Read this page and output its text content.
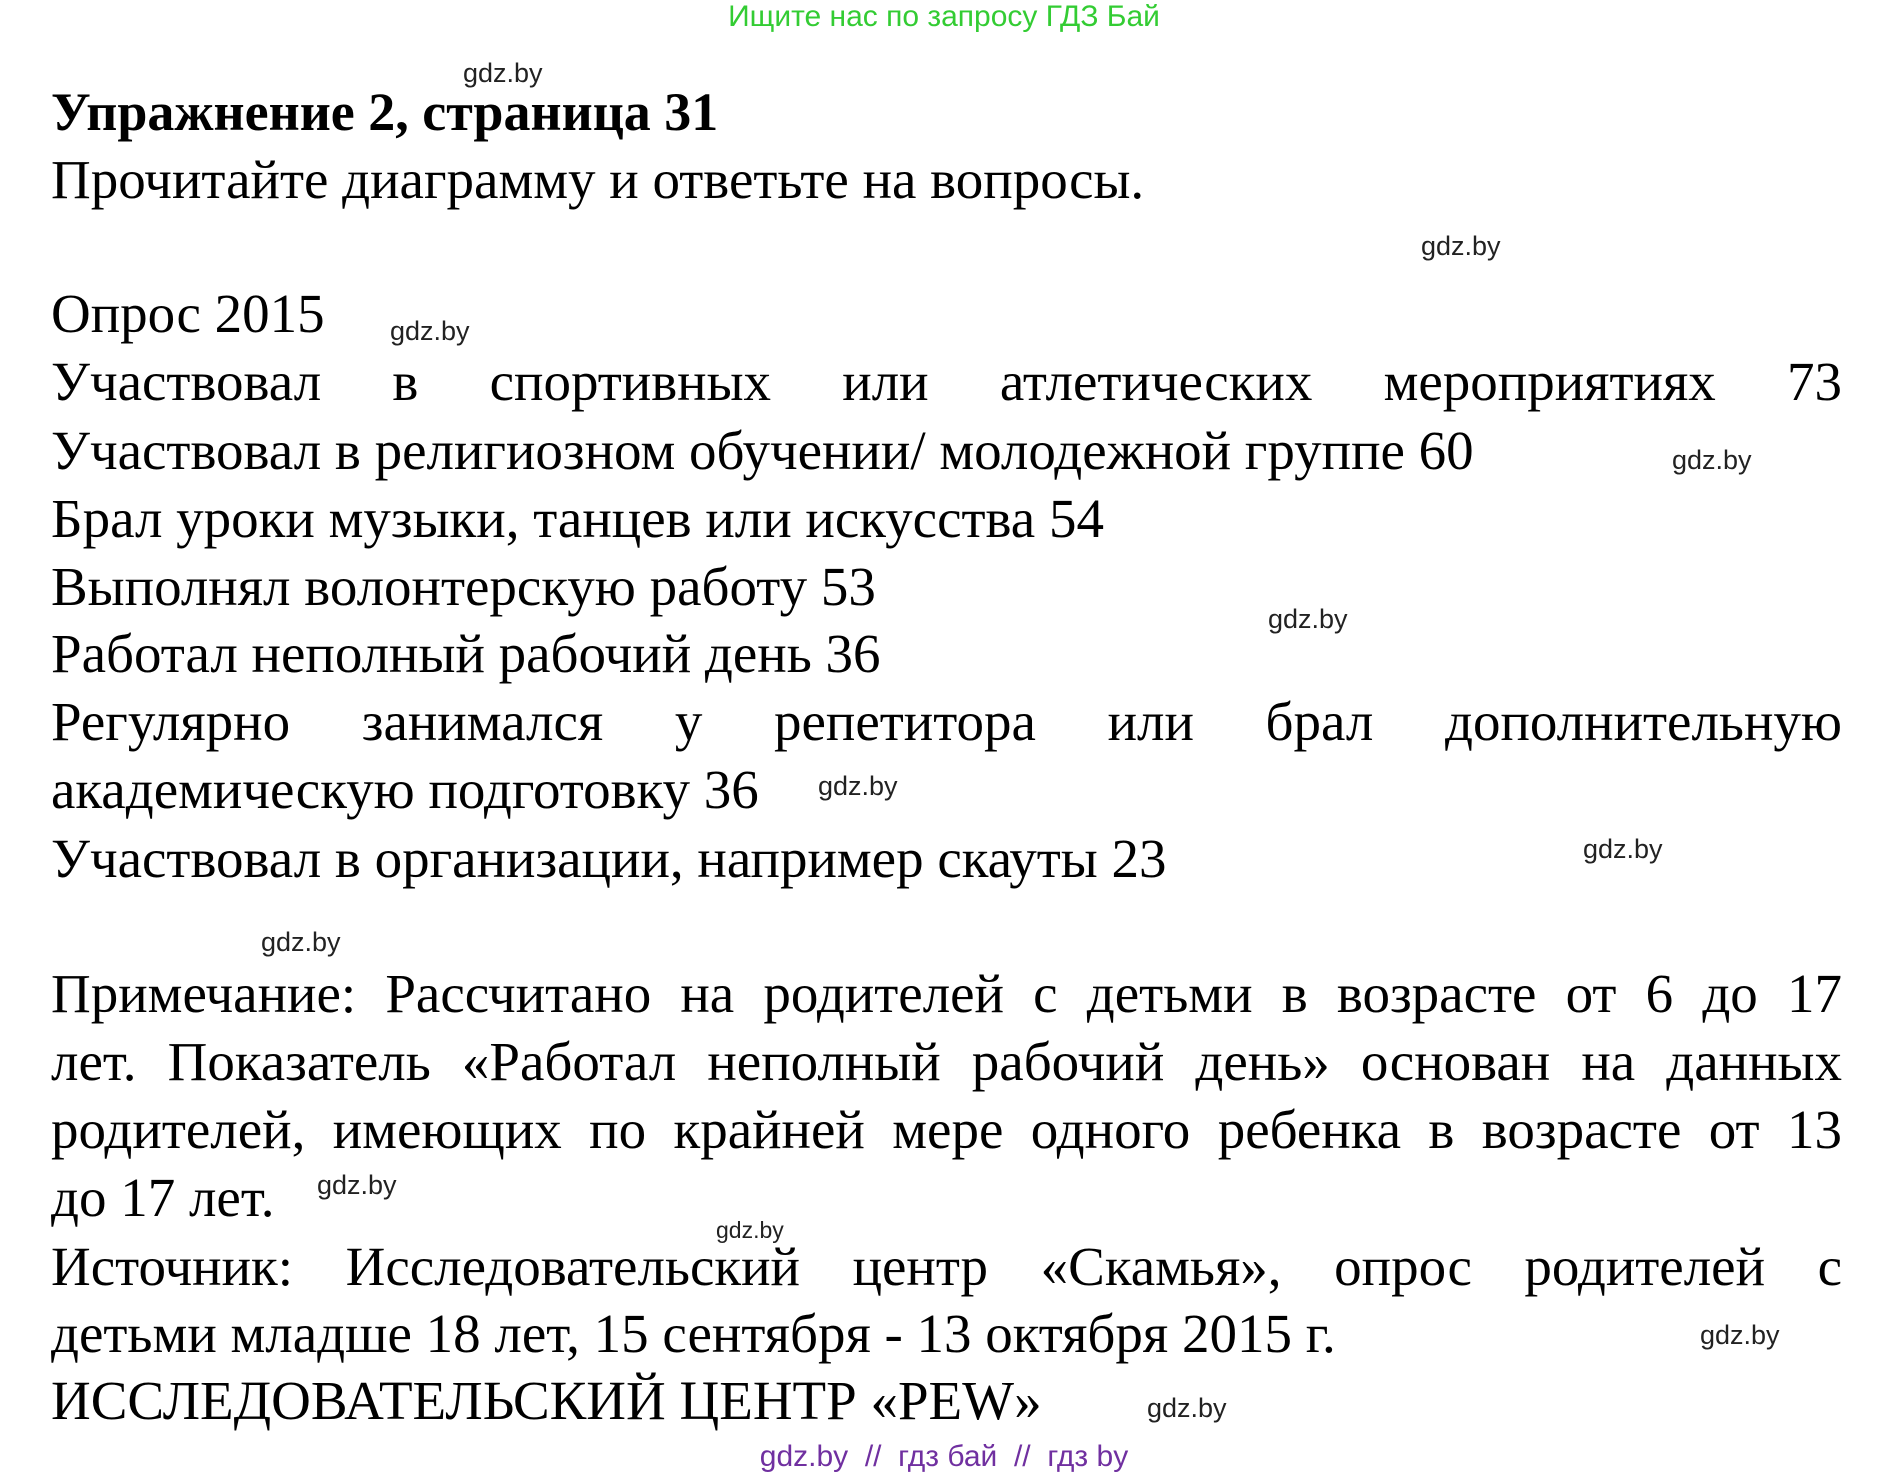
Ищите нас по запросу ГДЗ Бай
gdz.by
Упражнение 2, страница 31
Прочитайте диаграмму и ответьте на вопросы.
gdz.by
Опрос 2015 gdz.by
Участвовал в спортивных или атлетических мероприятиях 73
Участвовал в религиозном обучении/ молодежной группе 60	gdz.by
Брал уроки музыки, танцев или искусства 54
Выполнял волонтерскую работу 53
gdz.by
Работал неполный рабочий день 36
Регулярно занимался у репетитора или брал дополнительную
академическую подготовку 36 gdz.by
Участвовал в организации, например скауты 23	gdz.by
gdz.by
Примечание: Рассчитано на родителей с детьми в возрасте от 6 до 17
лет. Показатель «Работал неполный рабочий день» основан на данных
родителей, имеющих по крайней мере одного ребенка в возрасте от 13
до 17 лет. gdz.by
gdz.by
Источник: Исследовательский центр «Скамья», опрос родителей с
детьми младше 18 лет, 15 сентября - 13 октября 2015 г.	gdz.by
ИССЛЕДОВАТЕЛЬСКИЙ ЦЕНТР «PEW»	gdz.by
gdz.by  //  гдз бай  //  гдз by
